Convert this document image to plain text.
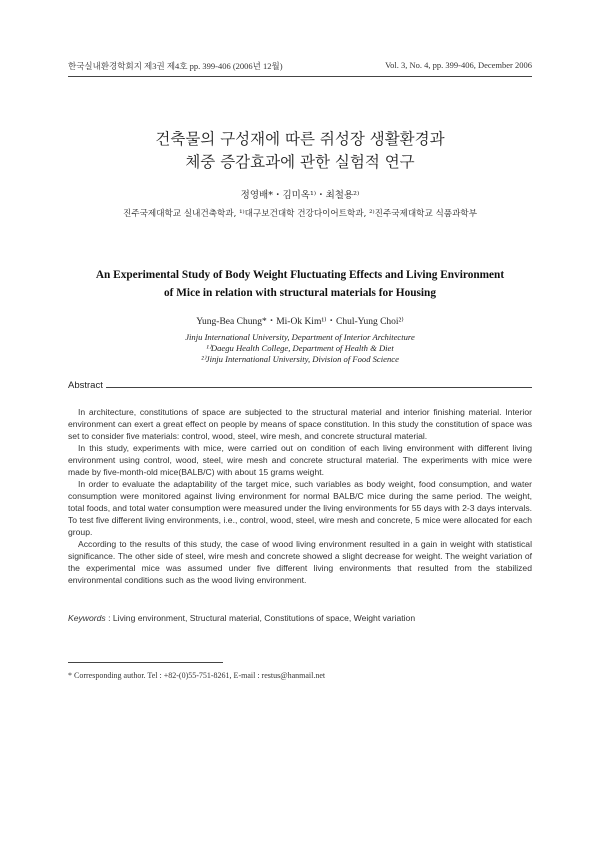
한국실내환경학회지 제3권 제4호 pp. 399-406 (2006년 12월)	Vol. 3, No. 4, pp. 399-406, December 2006
건축물의 구성재에 따른 쥐성장 생활환경과
체중 증감효과에 관한 실험적 연구
정영배*・김미옥¹⁾・최철용²⁾
진주국제대학교 실내건축학과, ¹⁾대구보건대학 건강다이어트학과, ²⁾진주국제대학교 식품과학부
An Experimental Study of Body Weight Fluctuating Effects and Living Environment
of Mice in relation with structural materials for Housing
Yung-Bea Chung*・Mi-Ok Kim¹⁾・Chul-Yung Choi²⁾
Jinju International University, Department of Interior Architecture
¹⁾Daegu Health College, Department of Health & Diet
²⁾Jinju International University, Division of Food Science
Abstract

In architecture, constitutions of space are subjected to the structural material and interior finishing material. Interior environment can exert a great effect on people by means of space constitution. In this study the constitution of space was set to consider five materials: control, wood, steel, wire mesh, and concrete structural material.

In this study, experiments with mice, were carried out on condition of each living environment with different living environment using control, wood, steel, wire mesh and concrete structural material. The experiments with mice were made by five-month-old mice(BALB/C) with about 15 grams weight.

In order to evaluate the adaptability of the target mice, such variables as body weight, food consumption, and water consumption were monitored against living environment for normal BALB/C mice during the same period. The weight, total foods, and total water consumption were measured under the living environments for 55 days with 2-3 days intervals. To test five different living environments, i.e., control, wood, steel, wire mesh and concrete, 5 mice were allocated for each group.

According to the results of this study, the case of wood living environment resulted in a gain in weight with statistical significance. The other side of steel, wire mesh and concrete showed a slight decrease for weight. The weight variation of the experimental mice was assumed under five different living environments that resulted from the stabilized environmental conditions such as the wood living environment.

Keywords : Living environment, Structural material, Constitutions of space, Weight variation
* Corresponding author. Tel : +82-(0)55-751-8261, E-mail : restus@hanmail.net
